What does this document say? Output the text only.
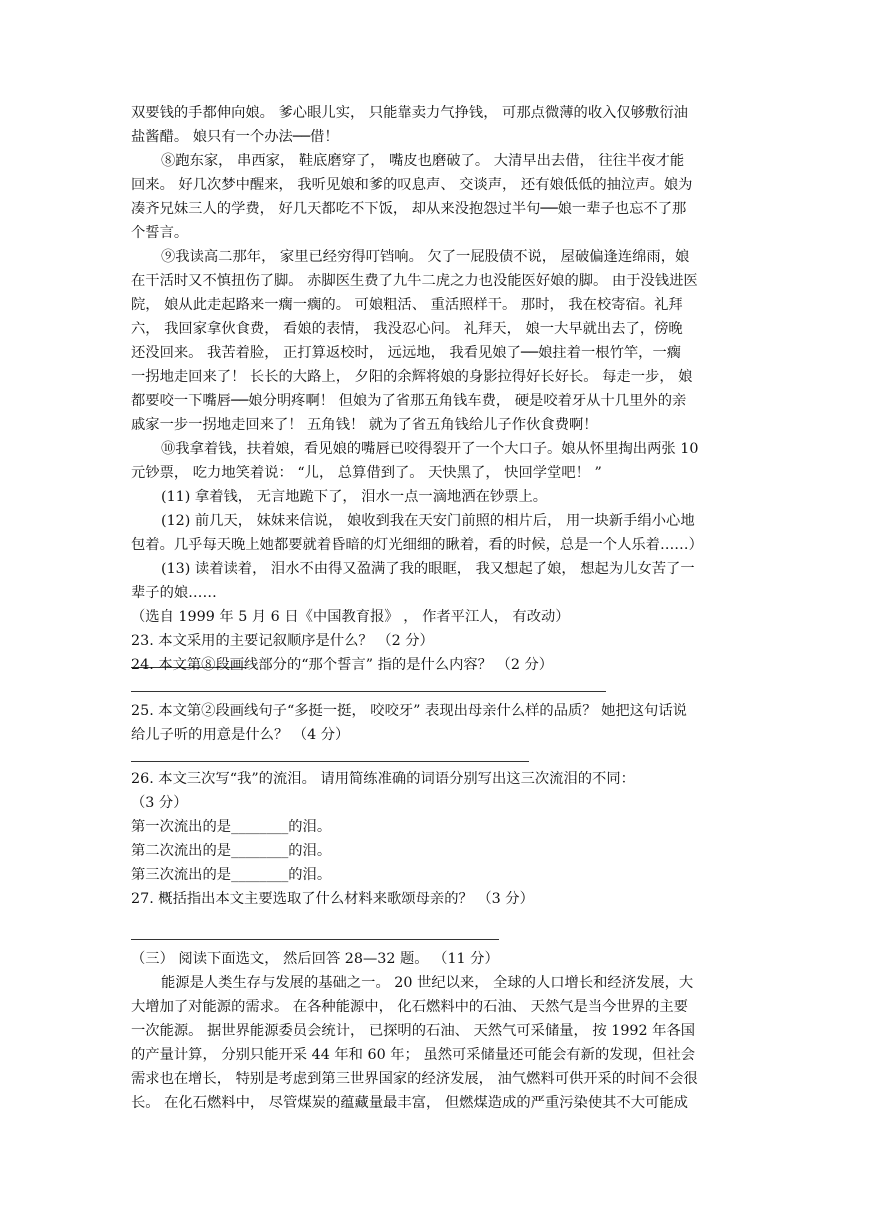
双要钱的手都伸向娘。 爹心眼儿实， 只能靠卖力气挣钱， 可那点微薄的收入仅够敷衍油
盐酱醋。 娘只有一个办法──借！
⑧跑东家， 串西家， 鞋底磨穿了， 嘴皮也磨破了。 大清早出去借， 往往半夜才能
回来。 好几次梦中醒来， 我听见娘和爹的叹息声、 交谈声， 还有娘低低的抽泣声。娘为
凑齐兄妹三人的学费， 好几天都吃不下饭， 却从来没抱怨过半句──娘一辈子也忘不了那
个誓言。
⑨我读高二那年， 家里已经穷得叮铛响。 欠了一屁股债不说， 屋破偏逢连绵雨，娘
在干活时又不慎扭伤了脚。 赤脚医生费了九牛二虎之力也没能医好娘的脚。 由于没钱进医
院， 娘从此走起路来一瘸一瘸的。 可娘粗活、 重活照样干。 那时， 我在校寄宿。礼拜
六， 我回家拿伙食费， 看娘的表情， 我没忍心问。 礼拜天， 娘一大早就出去了，傍晚
还没回来。 我苦着脸， 正打算返校时， 远远地， 我看见娘了──娘拄着一根竹竿，一瘸
一拐地走回来了！ 长长的大路上， 夕阳的余辉将娘的身影拉得好长好长。 每走一步， 娘
都要咬一下嘴唇──娘分明疼啊！ 但娘为了省那五角钱车费， 硬是咬着牙从十几里外的亲
戚家一步一拐地走回来了！ 五角钱！ 就为了省五角钱给儿子作伙食费啊！
⑩我拿着钱，扶着娘，看见娘的嘴唇已咬得裂开了一个大口子。娘从怀里掏出两张 10
元钞票， 吃力地笑着说： “儿， 总算借到了。 天快黑了， 快回学堂吧！ ”
(11) 拿着钱， 无言地跪下了， 泪水一点一滴地洒在钞票上。
(12) 前几天， 妹妹来信说， 娘收到我在天安门前照的相片后， 用一块新手绢小心地
包着。几乎每天晚上她都要就着昏暗的灯光细细的瞅着，看的时候，总是一个人乐着……）
(13) 读着读着， 泪水不由得又盈满了我的眼眶， 我又想起了娘， 想起为儿女苦了一
辈子的娘……
（选自 1999 年 5 月 6 日《中国教育报》 ， 作者平江人， 有改动）
23. 本文采用的主要记叙顺序是什么？ （2 分）
24. 本文第⑧段画线部分的“那个誓言” 指的是什么内容？ （2 分）
25. 本文第②段画线句子“多挺一挺， 咬咬牙” 表现出母亲什么样的品质？ 她把这句话说
给儿子听的用意是什么？ （4 分）
26. 本文三次写“我”的流泪。 请用简练准确的词语分别写出这三次流泪的不同：
（3 分）
第一次流出的是________的泪。
第二次流出的是________的泪。
第三次流出的是________的泪。
27. 概括指出本文主要选取了什么材料来歌颂母亲的？ （3 分）
（三） 阅读下面选文， 然后回答 28—32 题。 （11 分）
能源是人类生存与发展的基础之一。 20 世纪以来， 全球的人口增长和经济发展，大
大增加了对能源的需求。 在各种能源中， 化石燃料中的石油、 天然气是当今世界的主要
一次能源。 据世界能源委员会统计， 已探明的石油、 天然气可采储量， 按 1992 年各国
的产量计算， 分别只能开采 44 年和 60 年； 虽然可采储量还可能会有新的发现，但社会
需求也在增长， 特别是考虑到第三世界国家的经济发展， 油气燃料可供开采的时间不会很
长。 在化石燃料中， 尽管煤炭的蕴藏量最丰富， 但燃煤造成的严重污染使其不大可能成
